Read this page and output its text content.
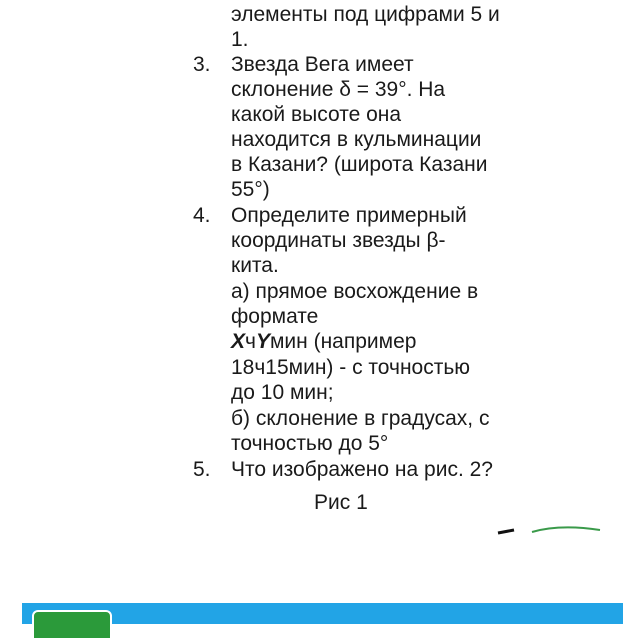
элементы под цифрами 5 и
1.
3. Звезда Вега имеет
склонение δ = 39°. На
какой высоте она
находится в кульминации
в Казани? (широта Казани
55°)
4. Определите примерный
координаты звезды β-
кита.
а) прямое восхождение в
формате
XчYмин (например
18ч15мин) - с точностью
до 10 мин;
б) склонение в градусах, с
точностью до 5°
5. Что изображено на рис. 2?
Рис 1
